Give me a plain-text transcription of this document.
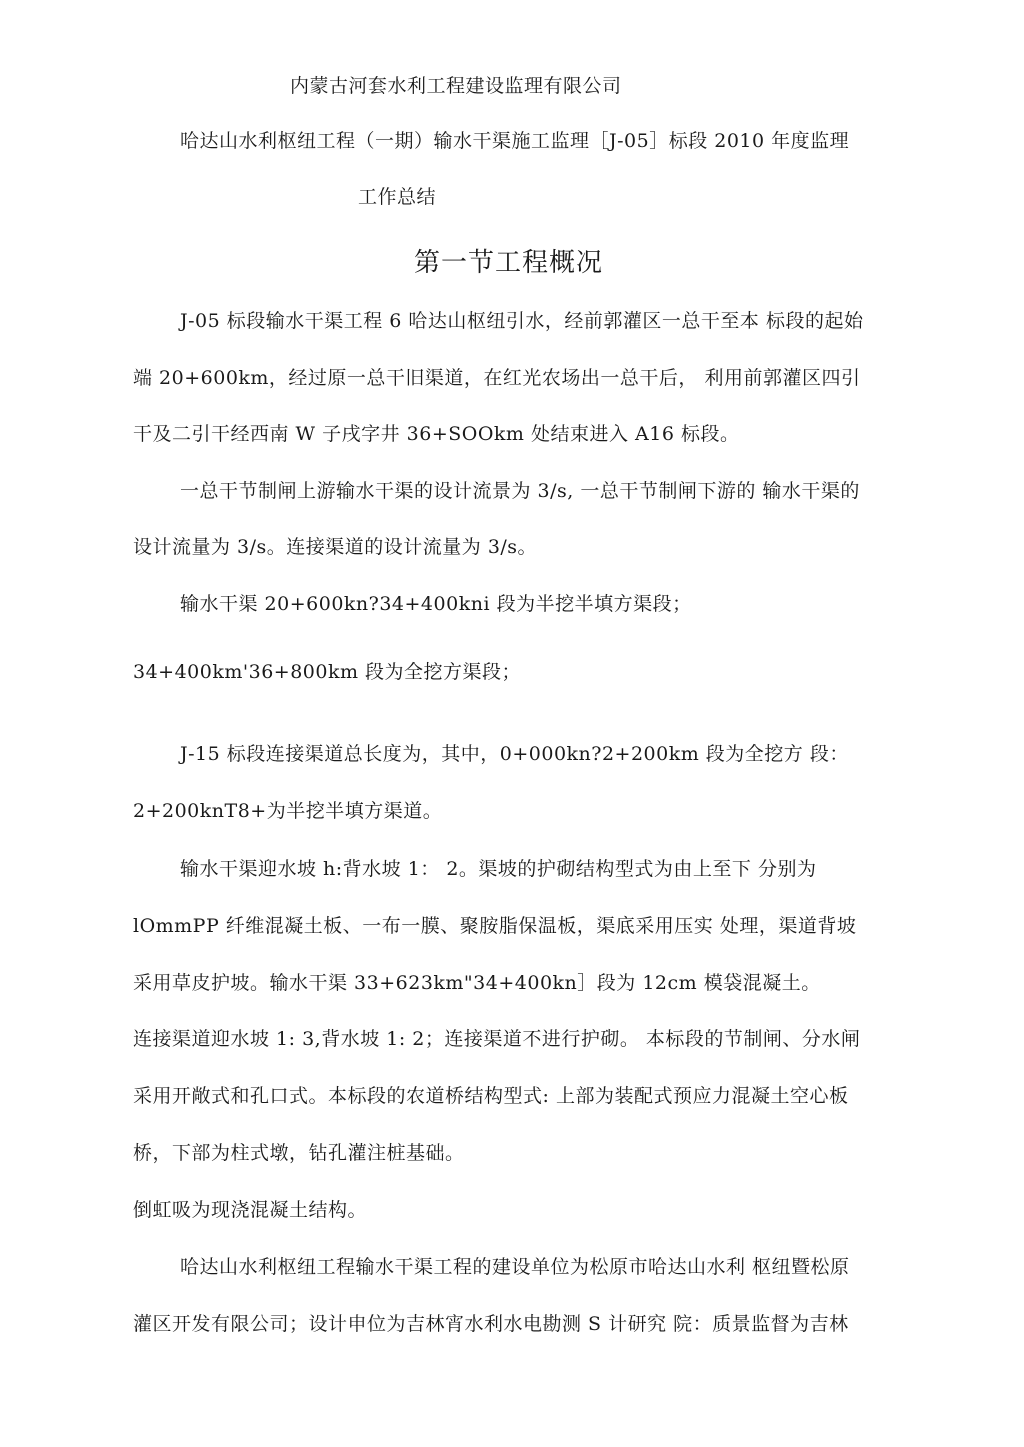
内蒙古河套水利工程建设监理有限公司
哈达山水利枢纽工程（一期）输水干渠施工监理［J-05］标段 2010 年度监理
工作总结
第一节工程概况
J-05 标段输水干渠工程 6 哈达山枢纽引水，经前郭灌区一总干至本 标段的起始
端 20+600km，经过原一总干旧渠道，在红光农场出一总干后， 利用前郭灌区四引
干及二引干经西南 W 子戌字井 36+SOOkm 处结束进入 A16 标段。
一总干节制闸上游输水干渠的设计流景为 3/s, 一总干节制闸下游的 输水干渠的
设计流量为 3/s。连接渠道的设计流量为 3/s。
输水干渠 20+600kn?34+400kni 段为半挖半填方渠段；
34+400km'36+800km 段为全挖方渠段；
J-15 标段连接渠道总长度为，其中，0+000kn?2+200km 段为全挖方 段：
2+200knT8+为半挖半填方渠道。
输水干渠迎水坡 h:背水坡 1： 2。渠坡的护砌结构型式为由上至下 分别为
lOmmPP 纤维混凝土板、一布一膜、聚胺脂保温板，渠底采用压实 处理，渠道背坡
采用草皮护坡。输水干渠 33+623km"34+400kn］段为 12cm 模袋混凝土。
连接渠道迎水坡 1: 3,背水坡 1: 2；连接渠道不进行护砌。 本标段的节制闸、分水闸
采用开敞式和孔口式。本标段的农道桥结构型式: 上部为装配式预应力混凝土空心板
桥，下部为柱式墩，钻孔灌注桩基础。
倒虹吸为现浇混凝土结构。
哈达山水利枢纽工程输水干渠工程的建设单位为松原市哈达山水利 枢纽暨松原
灌区开发有限公司；设计申位为吉林宵水利水电勘测 S 计研究 院：质景监督为吉林
